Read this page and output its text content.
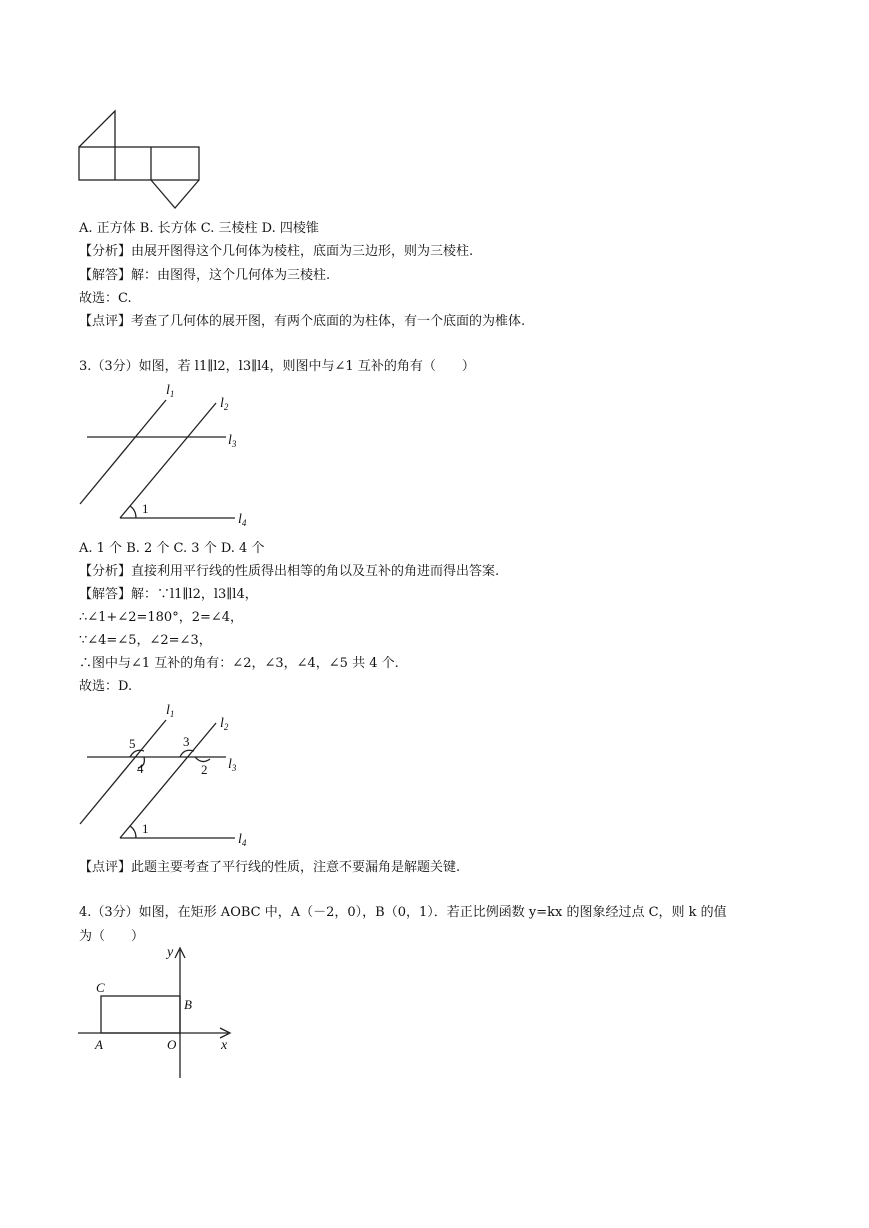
A. 正方体 B. 长方体 C. 三棱柱 D. 四棱锥
【分析】由展开图得这个几何体为棱柱，底面为三边形，则为三棱柱.
【解答】解：由图得，这个几何体为三棱柱.
故选：C.
【点评】考查了几何体的展开图，有两个底面的为柱体，有一个底面的为椎体.
3.（3分）如图，若 l1∥l2，l3∥l4，则图中与∠1 互补的角有（　　）
$l_1$
$l_2$
$l_3$
$l_4$
1
A. 1 个 B. 2 个 C. 3 个 D. 4 个
【分析】直接利用平行线的性质得出相等的角以及互补的角进而得出答案.
【解答】解：∵l1∥l2，l3∥l4，
∴∠1+∠2=180°，2=∠4，
∵∠4=∠5，∠2=∠3，
∴图中与∠1 互补的角有：∠2，∠3，∠4，∠5 共 4 个.
故选：D.
$l_1$
$l_2$
$l_3$
$l_4$
5
4
3
2
1
【点评】此题主要考查了平行线的性质，注意不要漏角是解题关键.
4.（3分）如图，在矩形 AOBC 中，A（－2，0），B（0，1）．若正比例函数 y=kx 的图象经过点 C，则 k 的值
为（　　）
y
x
A	O
B
C
